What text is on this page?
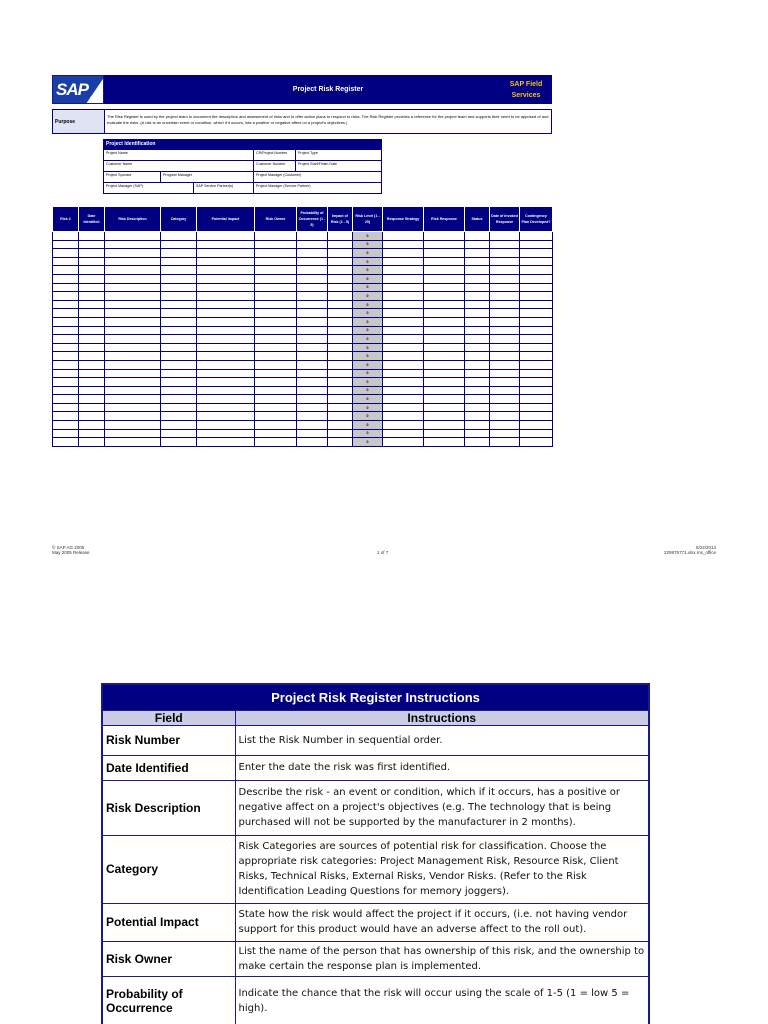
SAP ®
Project Risk Register
SAP Field
Services
Purpose
The Risk Register is used by the project team to document the description and assessment of risks and to offer action plans to respond to risks. The Risk Register provides a reference for the project team and supports their need to be apprised of and evaluate the risks. (A risk is an uncertain event or condition, which if it occurs, has a positive or negative affect on a project's objectives.)
Project Identification
Project Name	CR/Project Number	Project Type
Customer Name	Customer Number	Project Start/Finish Date
Project Sponsor	Program Manager	Project Manager (Customer)
Project Manager (SAP)	SAP Service Partner(s)	Project Manager (Service Partner)
Risk #	Date Identified	Risk Description	Category	Potential Impact	Risk Owner	Probability of Occurrence (1 - 5)	Impact of Risk (1 - 5)	Risk Level (1 - 25)	Response Strategy	Risk Response	Status	Date of Invoked Response	Contingency Plan Developed?
								0					
								0					
								0					
								0					
								0					
								0					
								0					
								0					
								0					
								0					
								0					
								0					
								0					
								0					
								0					
								0					
								0					
								0					
								0					
								0					
								0					
								0					
								0					
								0					
								0					
© SAP AG 2005
May 2005 Release	1 of 7
5/22/2014
229975771.xlsx.ms_office
Project Risk Register Instructions	
Field	Instructions
Risk Number	List the Risk Number in sequential order.
Date Identified	Enter the date the risk was first identified.
Risk Description	Describe the risk - an event or condition, which if it occurs, has a positive or negative affect on a project's objectives (e.g. The technology that is being purchased will not be supported by the manufacturer in 2 months).
Category	Risk Categories are sources of potential risk for classification. Choose the appropriate risk categories: Project Management Risk, Resource Risk, Client Risks, Technical Risks, External Risks, Vendor Risks. (Refer to the Risk Identification Leading Questions for memory joggers).
Potential Impact	State how the risk would affect the project if it occurs, (i.e. not having vendor support for this product would have an adverse affect to the roll out).
Risk Owner	List the name of the person that has ownership of this risk, and the ownership to make certain the response plan is implemented.
Probability of Occurrence	Indicate the chance that the risk will occur using the scale of 1-5 (1 = low 5 = high).
